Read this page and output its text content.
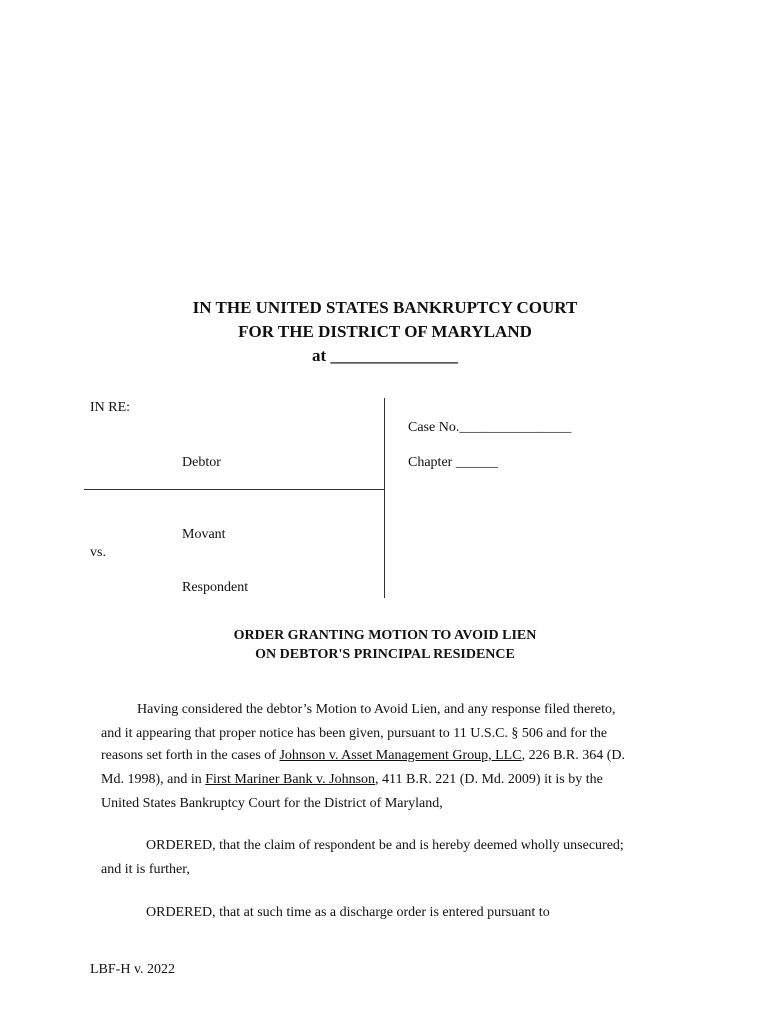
IN THE UNITED STATES BANKRUPTCY COURT
FOR THE DISTRICT OF MARYLAND
at _______________
IN RE:
Debtor
Movant
vs.
Respondent
Case No.________________
Chapter ______
ORDER GRANTING MOTION TO AVOID LIEN
ON DEBTOR'S PRINCIPAL RESIDENCE
Having considered the debtor’s Motion to Avoid Lien, and any response filed thereto,
and it appearing that proper notice has been given, pursuant to 11 U.S.C. § 506 and for the
reasons set forth in the cases of Johnson v. Asset Management Group, LLC, 226 B.R. 364 (D.
Md. 1998), and in First Mariner Bank v. Johnson, 411 B.R. 221 (D. Md. 2009) it is by the
United States Bankruptcy Court for the District of Maryland,
ORDERED, that the claim of respondent be and is hereby deemed wholly unsecured;
and it is further,
ORDERED, that at such time as a discharge order is entered pursuant to
LBF-H v. 2022
